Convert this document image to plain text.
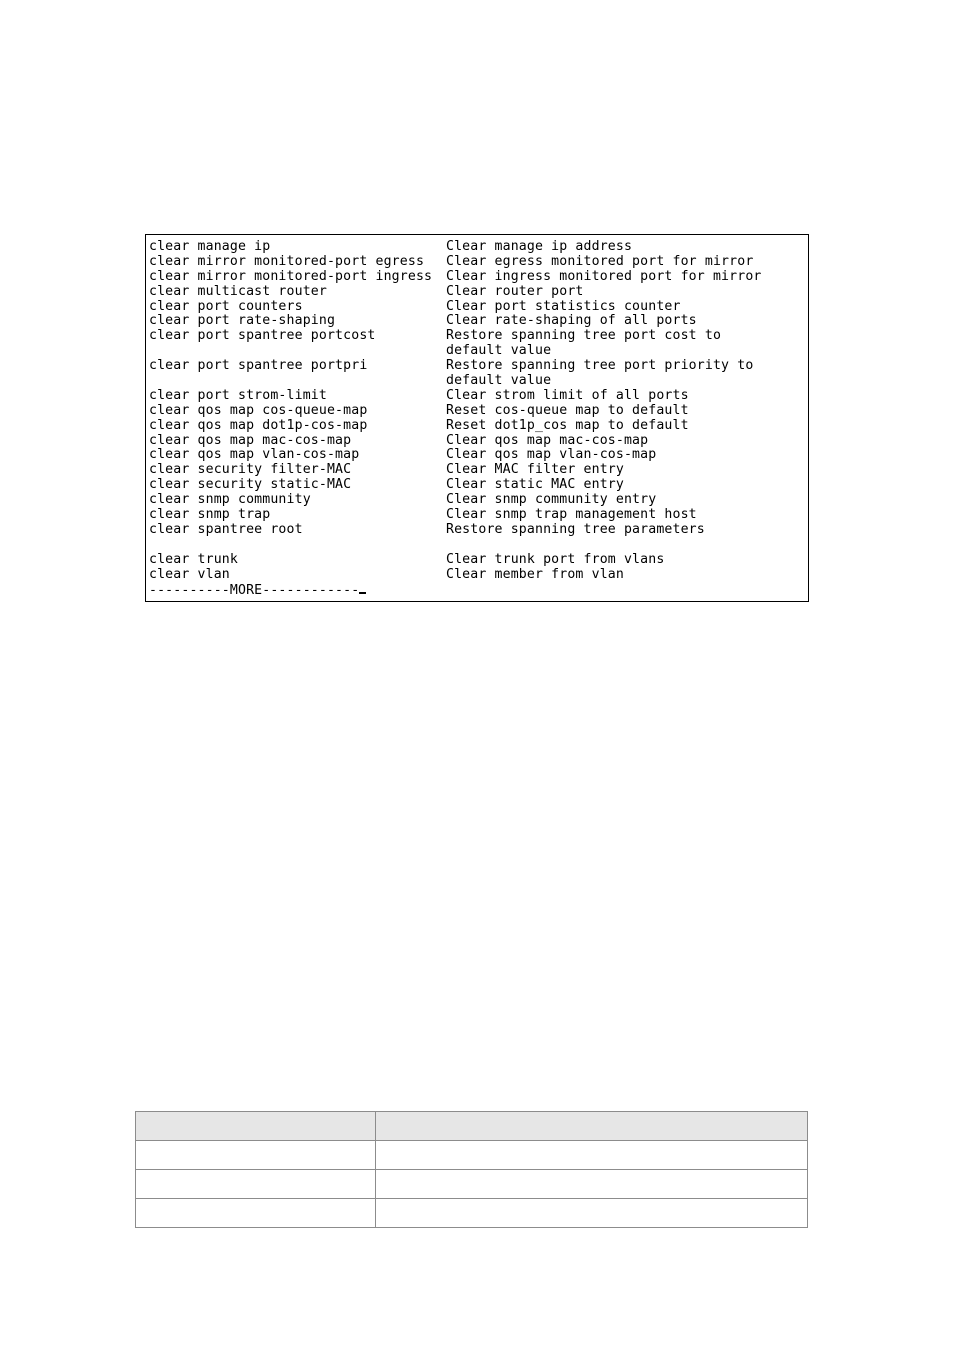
clear manage ip	Clear manage ip address
clear mirror monitored-port egress	Clear egress monitored port for mirror
clear mirror monitored-port ingress	Clear ingress monitored port for mirror
clear multicast router	Clear router port
clear port counters	Clear port statistics counter
clear port rate-shaping	Clear rate-shaping of all ports
clear port spantree portcost	Restore spanning tree port cost to
default value
clear port spantree portpri	Restore spanning tree port priority to
default value
clear port strom-limit	Clear strom limit of all ports
clear qos map cos-queue-map	Reset cos-queue map to default
clear qos map dot1p-cos-map	Reset dot1p_cos map to default
clear qos map mac-cos-map	Clear qos map mac-cos-map
clear qos map vlan-cos-map	Clear qos map vlan-cos-map
clear security filter-MAC	Clear MAC filter entry
clear security static-MAC	Clear static MAC entry
clear snmp community	Clear snmp community entry
clear snmp trap	Clear snmp trap management host
clear spantree root	Restore spanning tree parameters
clear trunk	Clear trunk port from vlans
clear vlan	Clear member from vlan
----------MORE------------
